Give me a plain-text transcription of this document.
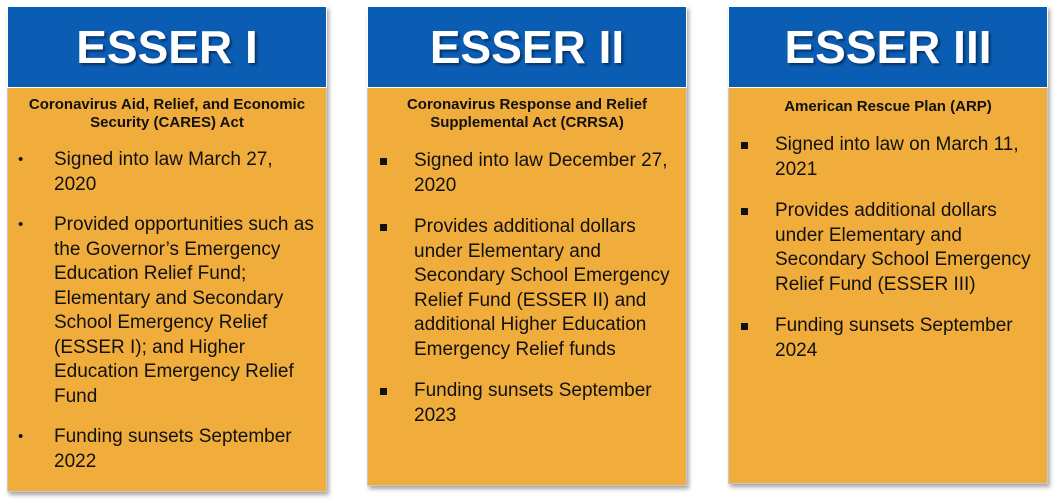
ESSER I
Coronavirus Aid, Relief, and Economic Security (CARES) Act
• Signed into law March 27, 2020
• Provided opportunities such as the Governor’s Emergency Education Relief Fund; Elementary and Secondary School Emergency Relief (ESSER I); and Higher Education Emergency Relief Fund
• Funding sunsets September 2022
ESSER II
Coronavirus Response and Relief Supplemental Act (CRRSA)
Signed into law December 27, 2020
Provides additional dollars under Elementary and Secondary School Emergency Relief Fund (ESSER II) and additional Higher Education Emergency Relief funds
Funding sunsets September 2023
ESSER III
American Rescue Plan (ARP)
Signed into law on March 11, 2021
Provides additional dollars under Elementary and Secondary School Emergency Relief Fund (ESSER III)
Funding sunsets September 2024
